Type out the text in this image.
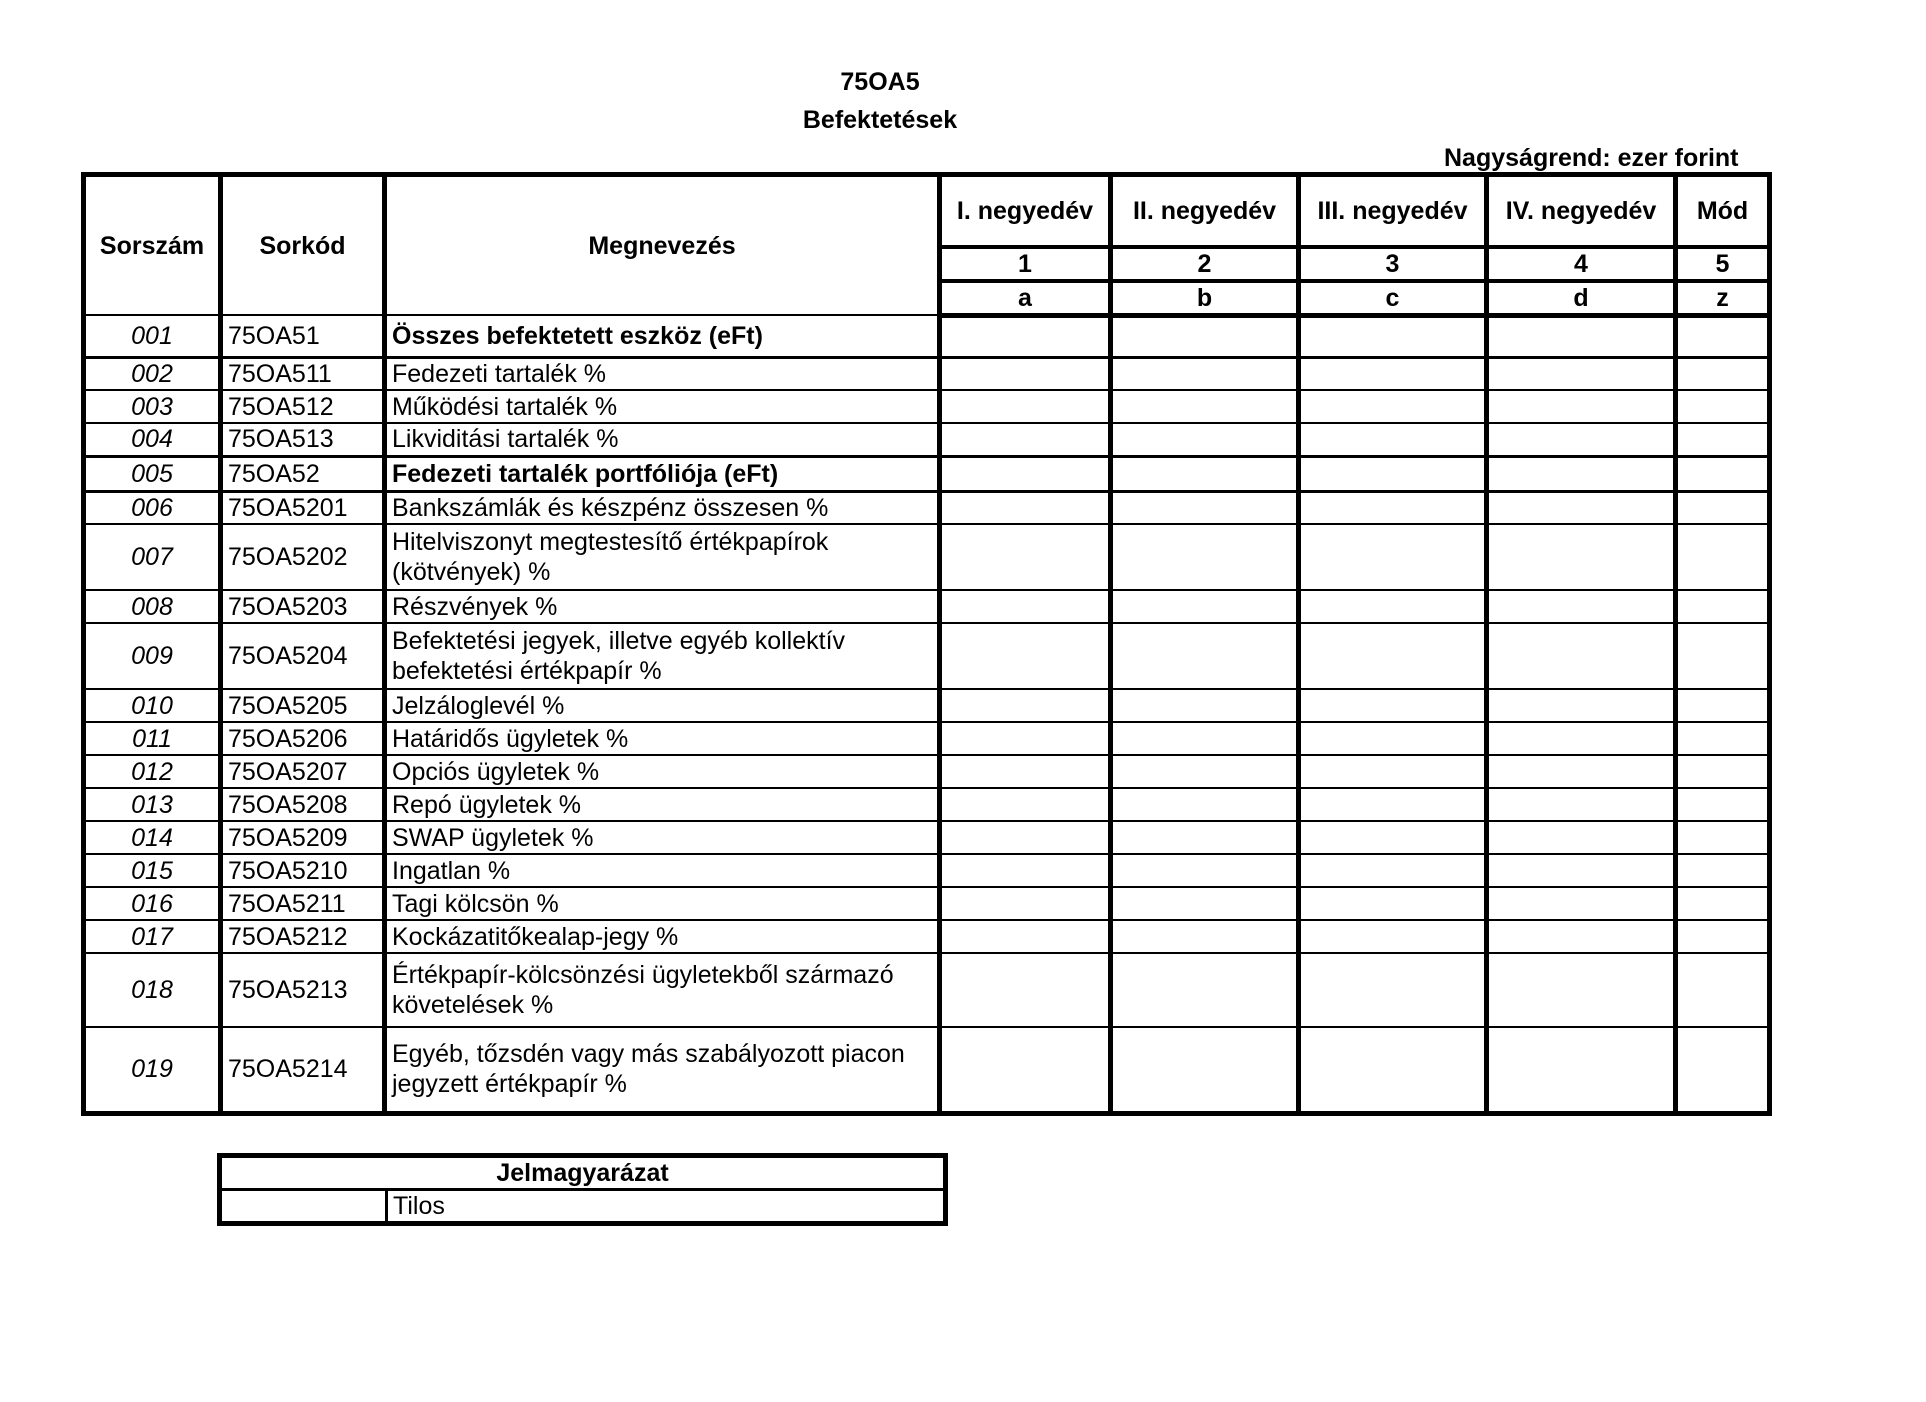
75OA5
Befektetések
Nagyságrend: ezer forint
Sorszám	Sorkód	Megnevezés	I. negyedév	II. negyedév	III. negyedév	IV. negyedév	Mód
			1	2	3	4	5
			a	b	c	d	z
001	75OA51	Összes befektetett eszköz (eFt)					
002	75OA511	Fedezeti tartalék %					
003	75OA512	Működési tartalék %					
004	75OA513	Likviditási tartalék %					
005	75OA52	Fedezeti tartalék portfóliója (eFt)					
006	75OA5201	Bankszámlák és készpénz összesen %					
007	75OA5202	Hitelviszonyt megtestesítő értékpapírok (kötvények) %					
008	75OA5203	Részvények %					
009	75OA5204	Befektetési jegyek, illetve egyéb kollektív befektetési értékpapír %					
010	75OA5205	Jelzáloglevél %					
011	75OA5206	Határidős ügyletek %					
012	75OA5207	Opciós ügyletek %					
013	75OA5208	Repó ügyletek %					
014	75OA5209	SWAP ügyletek %					
015	75OA5210	Ingatlan %					
016	75OA5211	Tagi kölcsön %					
017	75OA5212	Kockázatitőkealap-jegy %					
018	75OA5213	Értékpapír-kölcsönzési ügyletekből származó követelések %					
019	75OA5214	Egyéb, tőzsdén vagy más szabályozott piacon jegyzett értékpapír %					
Jelmagyarázat
	Tilos
